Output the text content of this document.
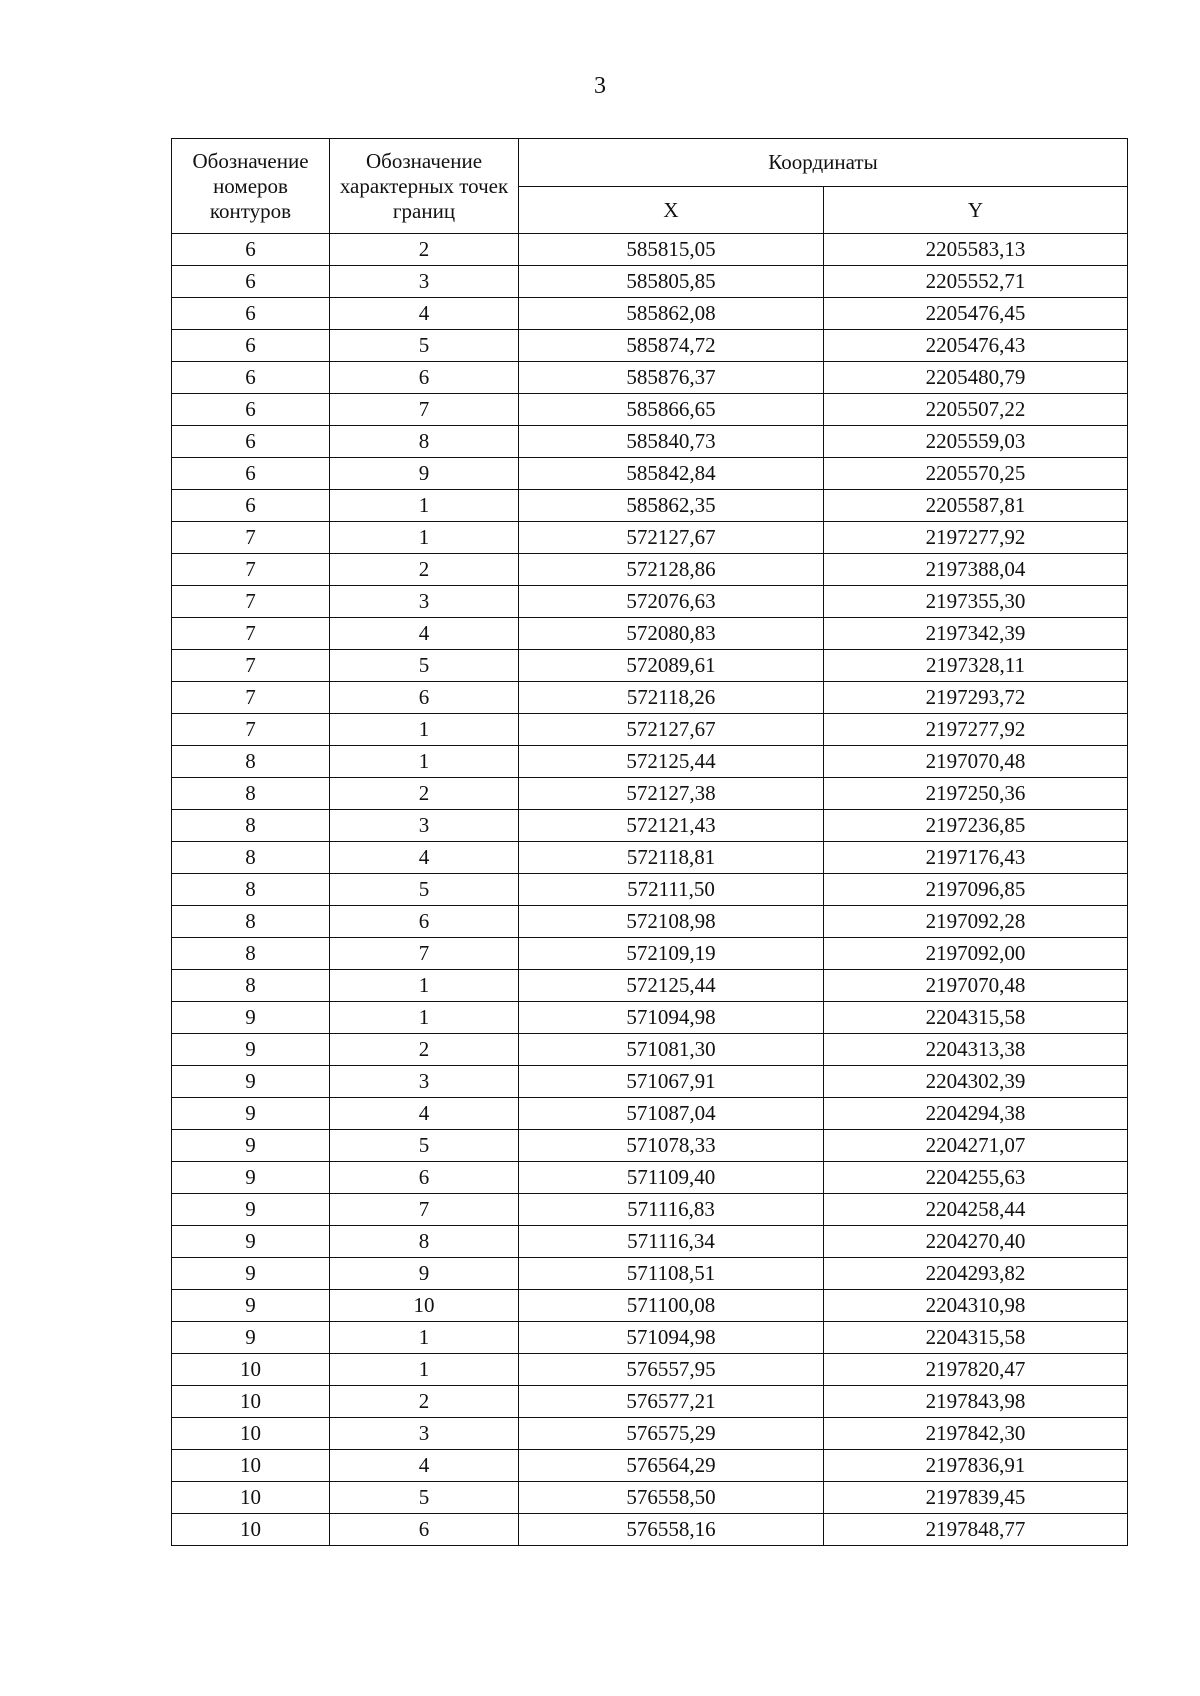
3
Обозначение номеров контуров	Обозначение характерных точек границ	Координаты	
		X	Y
6	2	585815,05	2205583,13
6	3	585805,85	2205552,71
6	4	585862,08	2205476,45
6	5	585874,72	2205476,43
6	6	585876,37	2205480,79
6	7	585866,65	2205507,22
6	8	585840,73	2205559,03
6	9	585842,84	2205570,25
6	1	585862,35	2205587,81
7	1	572127,67	2197277,92
7	2	572128,86	2197388,04
7	3	572076,63	2197355,30
7	4	572080,83	2197342,39
7	5	572089,61	2197328,11
7	6	572118,26	2197293,72
7	1	572127,67	2197277,92
8	1	572125,44	2197070,48
8	2	572127,38	2197250,36
8	3	572121,43	2197236,85
8	4	572118,81	2197176,43
8	5	572111,50	2197096,85
8	6	572108,98	2197092,28
8	7	572109,19	2197092,00
8	1	572125,44	2197070,48
9	1	571094,98	2204315,58
9	2	571081,30	2204313,38
9	3	571067,91	2204302,39
9	4	571087,04	2204294,38
9	5	571078,33	2204271,07
9	6	571109,40	2204255,63
9	7	571116,83	2204258,44
9	8	571116,34	2204270,40
9	9	571108,51	2204293,82
9	10	571100,08	2204310,98
9	1	571094,98	2204315,58
10	1	576557,95	2197820,47
10	2	576577,21	2197843,98
10	3	576575,29	2197842,30
10	4	576564,29	2197836,91
10	5	576558,50	2197839,45
10	6	576558,16	2197848,77
